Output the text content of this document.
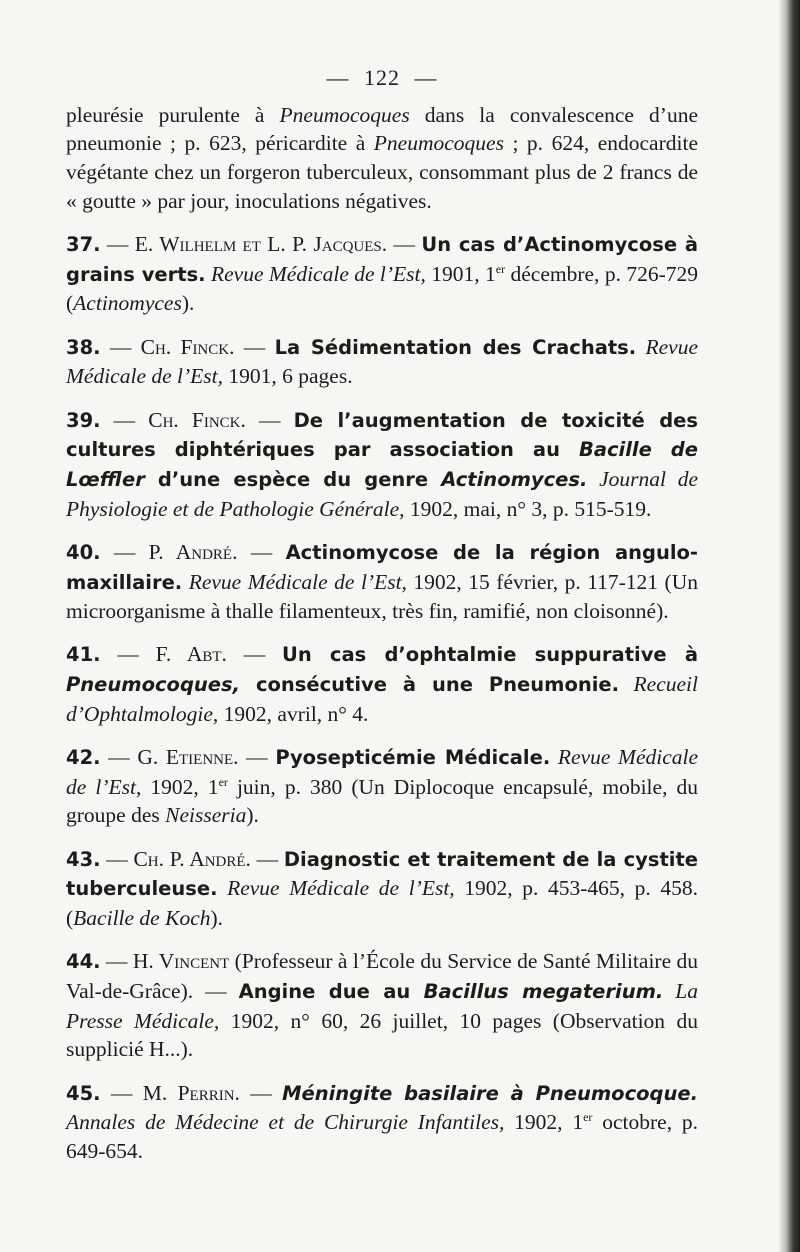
— 122 —

pleurésie purulente à Pneumocoques dans la convalescence d’une pneumonie ; p. 623, péricardite à Pneumocoques ; p. 624, endocardite végétante chez un forgeron tuberculeux, consommant plus de 2 francs de « goutte » par jour, inoculations négatives.

37. — E. Wilhelm et L. P. Jacques. — Un cas d’Actinomycose à grains verts. Revue Médicale de l’Est, 1901, 1er décembre, p. 726-729 (Actinomyces).

38. — Ch. Finck. — La Sédimentation des Crachats. Revue Médicale de l’Est, 1901, 6 pages.

39. — Ch. Finck. — De l’augmentation de toxicité des cultures diphtériques par association au Bacille de Lœffler d’une espèce du genre Actinomyces. Journal de Physiologie et de Pathologie Générale, 1902, mai, n° 3, p. 515-519.

40. — P. André. — Actinomycose de la région angulo-maxillaire. Revue Médicale de l’Est, 1902, 15 février, p. 117-121 (Un microorganisme à thalle filamenteux, très fin, ramifié, non cloisonné).

41. — F. Abt. — Un cas d’ophtalmie suppurative à Pneumocoques, consécutive à une Pneumonie. Recueil d’Ophtalmologie, 1902, avril, n° 4.

42. — G. Etienne. — Pyosepticémie Médicale. Revue Médicale de l’Est, 1902, 1er juin, p. 380 (Un Diplocoque encapsulé, mobile, du groupe des Neisseria).

43. — Ch. P. André. — Diagnostic et traitement de la cystite tuberculeuse. Revue Médicale de l’Est, 1902, p. 453-465, p. 458. (Bacille de Koch).

44. — H. Vincent (Professeur à l’École du Service de Santé Militaire du Val-de-Grâce). — Angine due au Bacillus megaterium. La Presse Médicale, 1902, n° 60, 26 juillet, 10 pages (Observation du supplicié H...).

45. — M. Perrin. — Méningite basilaire à Pneumocoque. Annales de Médecine et de Chirurgie Infantiles, 1902, 1er octobre, p. 649-654.
